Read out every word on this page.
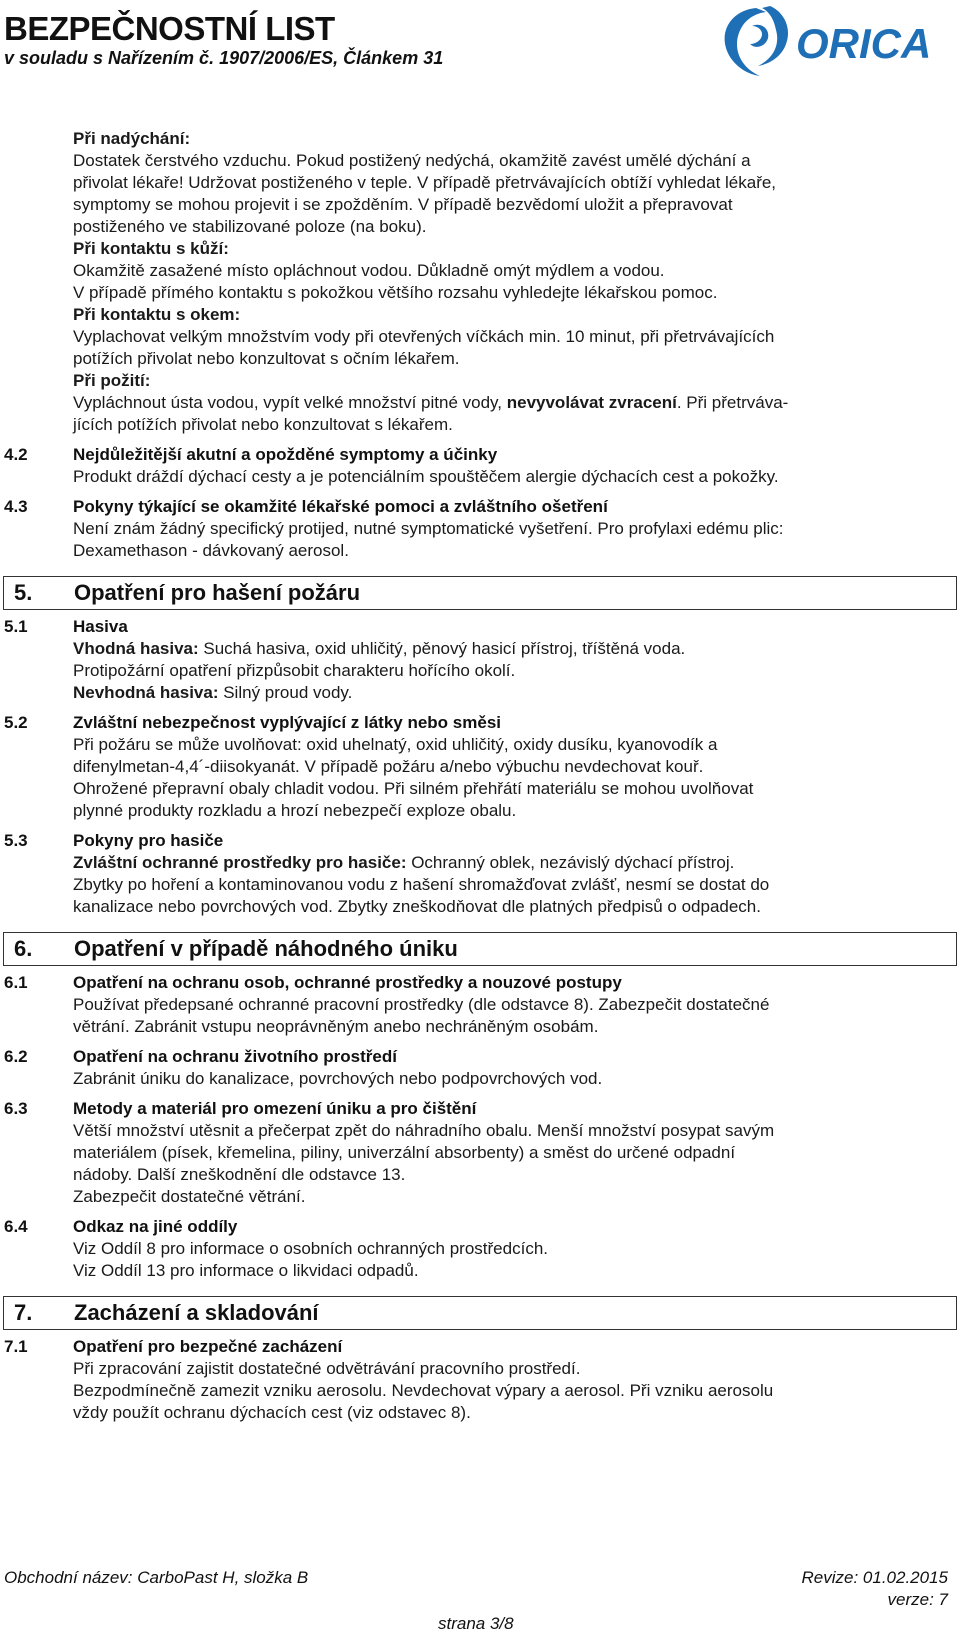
BEZPEČNOSTNÍ LIST
v souladu s Nařízením č. 1907/2006/ES, Článkem 31	ORICA
Při nadýchání:
Dostatek čerstvého vzduchu. Pokud postižený nedýchá, okamžitě zavést umělé dýchání a
přivolat lékaře! Udržovat postiženého v teple. V případě přetrvávajících obtíží vyhledat lékaře,
symptomy se mohou projevit i se zpožděním. V případě bezvědomí uložit a přepravovat
postiženého ve stabilizované poloze (na boku).
Při kontaktu s kůží:
Okamžitě zasažené místo opláchnout vodou. Důkladně omýt mýdlem a vodou.
V případě přímého kontaktu s pokožkou většího rozsahu vyhledejte lékařskou pomoc.
Při kontaktu s okem:
Vyplachovat velkým množstvím vody při otevřených víčkách min. 10 minut, při přetrvávajících
potížích přivolat nebo konzultovat s očním lékařem.
Při požití:
Vypláchnout ústa vodou, vypít velké množství pitné vody, nevyvolávat zvracení. Při přetrváva-
jících potížích přivolat nebo konzultovat s lékařem.
4.2	Nejdůležitější akutní a opožděné symptomy a účinky
Produkt dráždí dýchací cesty a je potenciálním spouštěčem alergie dýchacích cest a pokožky.
4.3	Pokyny týkající se okamžité lékařské pomoci a zvláštního ošetření
Není znám žádný specifický protijed, nutné symptomatické vyšetření. Pro profylaxi edému plic:
Dexamethason - dávkovaný aerosol.
5.	Opatření pro hašení požáru
5.1	Hasiva
Vhodná hasiva: Suchá hasiva, oxid uhličitý, pěnový hasicí přístroj, tříštěná voda.
Protipožární opatření přizpůsobit charakteru hořícího okolí.
Nevhodná hasiva: Silný proud vody.
5.2	Zvláštní nebezpečnost vyplývající z látky nebo směsi
Při požáru se může uvolňovat: oxid uhelnatý, oxid uhličitý, oxidy dusíku, kyanovodík a
difenylmetan-4,4´-diisokyanát. V případě požáru a/nebo výbuchu nevdechovat kouř.
Ohrožené přepravní obaly chladit vodou. Při silném přehřátí materiálu se mohou uvolňovat
plynné produkty rozkladu a hrozí nebezpečí exploze obalu.
5.3	Pokyny pro hasiče
Zvláštní ochranné prostředky pro hasiče: Ochranný oblek, nezávislý dýchací přístroj.
Zbytky po hoření a kontaminovanou vodu z hašení shromažďovat zvlášť, nesmí se dostat do
kanalizace nebo povrchových vod. Zbytky zneškodňovat dle platných předpisů o odpadech.
6.	Opatření v případě náhodného úniku
6.1	Opatření na ochranu osob, ochranné prostředky a nouzové postupy
Používat předepsané ochranné pracovní prostředky (dle odstavce 8). Zabezpečit dostatečné
větrání. Zabránit vstupu neoprávněným anebo nechráněným osobám.
6.2	Opatření na ochranu životního prostředí
Zabránit úniku do kanalizace, povrchových nebo podpovrchových vod.
6.3	Metody a materiál pro omezení úniku a pro čištění
Větší množství utěsnit a přečerpat zpět do náhradního obalu. Menší množství posypat savým
materiálem (písek, křemelina, piliny, univerzální absorbenty) a směst do určené odpadní
nádoby. Další zneškodnění dle odstavce 13.
Zabezpečit dostatečné větrání.
6.4	Odkaz na jiné oddíly
Viz Oddíl 8 pro informace o osobních ochranných prostředcích.
Viz Oddíl 13 pro informace o likvidaci odpadů.
7.	Zacházení a skladování
7.1	Opatření pro bezpečné zacházení
Při zpracování zajistit dostatečné odvětrávání pracovního prostředí.
Bezpodmínečně zamezit vzniku aerosolu. Nevdechovat výpary a aerosol. Při vzniku aerosolu
vždy použít ochranu dýchacích cest (viz odstavec 8).
Obchodní název: CarboPast H, složka B	Revize: 01.02.2015
verze: 7
strana 3/8
